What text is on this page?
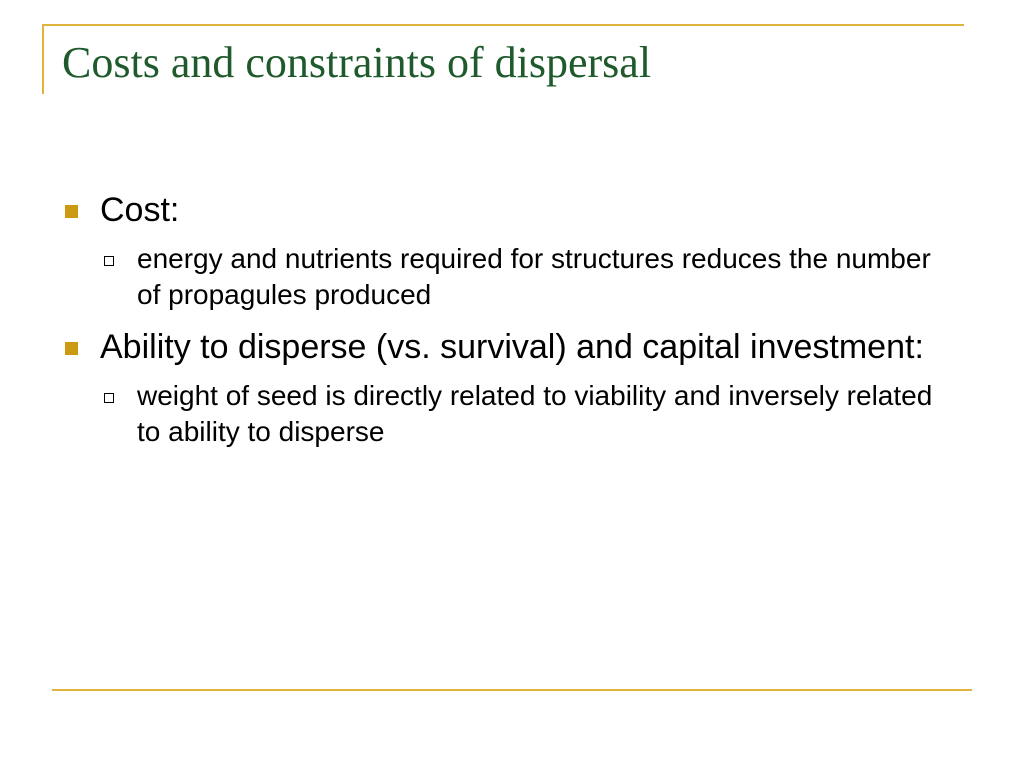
Costs and constraints of dispersal
Cost:
energy and nutrients required for structures reduces the number of propagules produced
Ability to disperse (vs. survival) and capital investment:
weight of seed is directly related to viability and inversely related to ability to disperse
